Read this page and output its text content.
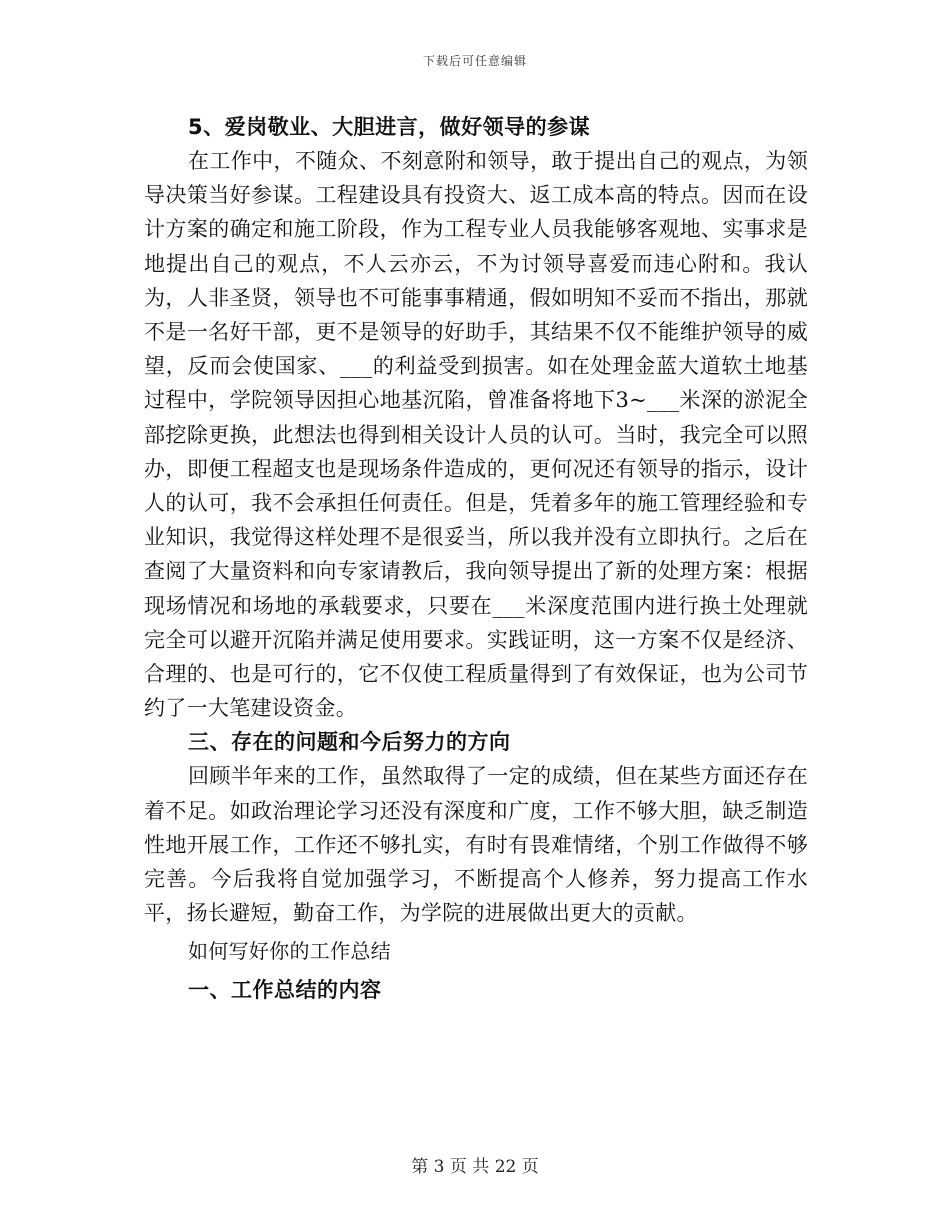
下载后可任意编辑
5、爱岗敬业、大胆进言，做好领导的参谋

在工作中，不随众、不刻意附和领导，敢于提出自己的观点，为领导决策当好参谋。工程建设具有投资大、返工成本高的特点。因而在设计方案的确定和施工阶段，作为工程专业人员我能够客观地、实事求是地提出自己的观点，不人云亦云，不为讨领导喜爱而违心附和。我认为，人非圣贤，领导也不可能事事精通，假如明知不妥而不指出，那就不是一名好干部，更不是领导的好助手，其结果不仅不能维护领导的威望，反而会使国家、___的利益受到损害。如在处理金蓝大道软土地基过程中，学院领导因担心地基沉陷，曾准备将地下3~___米深的淤泥全部挖除更换，此想法也得到相关设计人员的认可。当时，我完全可以照办，即便工程超支也是现场条件造成的，更何况还有领导的指示，设计人的认可，我不会承担任何责任。但是，凭着多年的施工管理经验和专业知识，我觉得这样处理不是很妥当，所以我并没有立即执行。之后在查阅了大量资料和向专家请教后，我向领导提出了新的处理方案：根据现场情况和场地的承载要求，只要在___米深度范围内进行换土处理就完全可以避开沉陷并满足使用要求。实践证明，这一方案不仅是经济、合理的、也是可行的，它不仅使工程质量得到了有效保证，也为公司节约了一大笔建设资金。

三、存在的问题和今后努力的方向

回顾半年来的工作，虽然取得了一定的成绩，但在某些方面还存在着不足。如政治理论学习还没有深度和广度，工作不够大胆，缺乏制造性地开展工作，工作还不够扎实，有时有畏难情绪，个别工作做得不够完善。今后我将自觉加强学习，不断提高个人修养，努力提高工作水平，扬长避短，勤奋工作，为学院的进展做出更大的贡献。

如何写好你的工作总结

一、工作总结的内容
第 3 页 共 22 页
